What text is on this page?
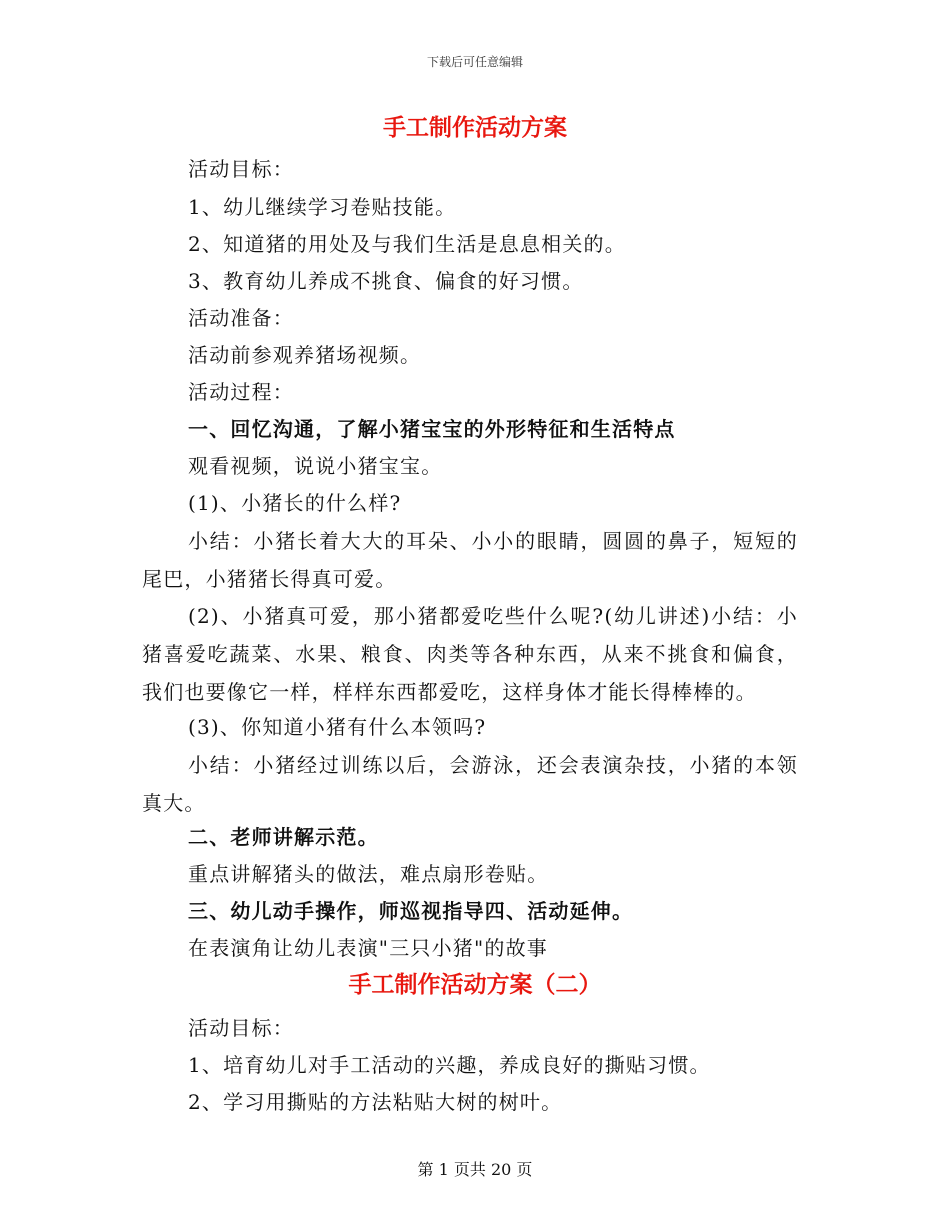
下载后可任意编辑
手工制作活动方案
活动目标：
1、幼儿继续学习卷贴技能。
2、知道猪的用处及与我们生活是息息相关的。
3、教育幼儿养成不挑食、偏食的好习惯。
活动准备：
活动前参观养猪场视频。
活动过程：
一、回忆沟通，了解小猪宝宝的外形特征和生活特点
观看视频，说说小猪宝宝。
(1)、小猪长的什么样?

小结：小猪长着大大的耳朵、小小的眼睛，圆圆的鼻子，短短的尾巴，小猪猪长得真可爱。

(2)、小猪真可爱，那小猪都爱吃些什么呢?(幼儿讲述)小结：小猪喜爱吃蔬菜、水果、粮食、肉类等各种东西，从来不挑食和偏食，我们也要像它一样，样样东西都爱吃，这样身体才能长得棒棒的。

(3)、你知道小猪有什么本领吗?

小结：小猪经过训练以后，会游泳，还会表演杂技，小猪的本领真大。

二、老师讲解示范。
重点讲解猪头的做法，难点扇形卷贴。
三、幼儿动手操作，师巡视指导四、活动延伸。
在表演角让幼儿表演"三只小猪"的故事
手工制作活动方案（二）
活动目标：
1、培育幼儿对手工活动的兴趣，养成良好的撕贴习惯。
2、学习用撕贴的方法粘贴大树的树叶。
第 1 页共 20 页
